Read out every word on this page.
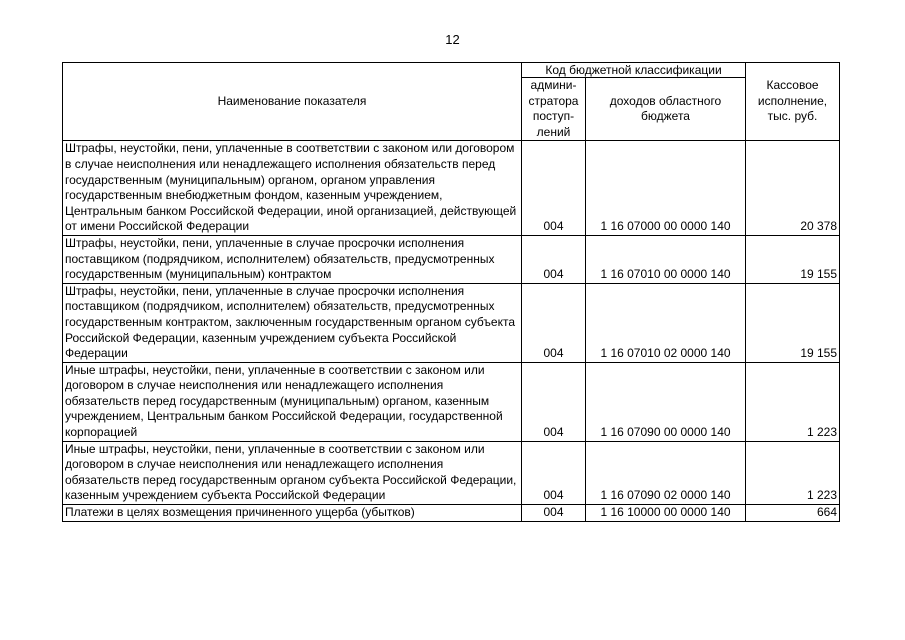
12
Наименование показателя	Код бюджетной классификации		Кассовое исполнение, тыс. руб.
	админи-стратора поступ-лений	доходов областного бюджета	
Штрафы, неустойки, пени, уплаченные в соответствии с законом или договором в случае неисполнения или ненадлежащего исполнения обязательств перед государственным (муниципальным) органом, органом управления государственным внебюджетным фондом, казенным учреждением, Центральным банком Российской Федерации, иной организацией, действующей от имени Российской Федерации	004	1 16 07000 00 0000 140	20 378
Штрафы, неустойки, пени, уплаченные в случае просрочки исполнения поставщиком (подрядчиком, исполнителем) обязательств, предусмотренных государственным (муниципальным) контрактом	004	1 16 07010 00 0000 140	19 155
Штрафы, неустойки, пени, уплаченные в случае просрочки исполнения поставщиком (подрядчиком, исполнителем) обязательств, предусмотренных государственным контрактом, заключенным государственным органом субъекта Российской Федерации, казенным учреждением субъекта Российской Федерации	004	1 16 07010 02 0000 140	19 155
Иные штрафы, неустойки, пени, уплаченные в соответствии с законом или договором в случае неисполнения или ненадлежащего исполнения обязательств перед государственным (муниципальным) органом, казенным учреждением, Центральным банком Российской Федерации, государственной корпорацией	004	1 16 07090 00 0000 140	1 223
Иные штрафы, неустойки, пени, уплаченные в соответствии с законом или договором в случае неисполнения или ненадлежащего исполнения обязательств перед государственным органом субъекта Российской Федерации, казенным учреждением субъекта Российской Федерации	004	1 16 07090 02 0000 140	1 223
Платежи в целях возмещения причиненного ущерба (убытков)	004	1 16 10000 00 0000 140	664
